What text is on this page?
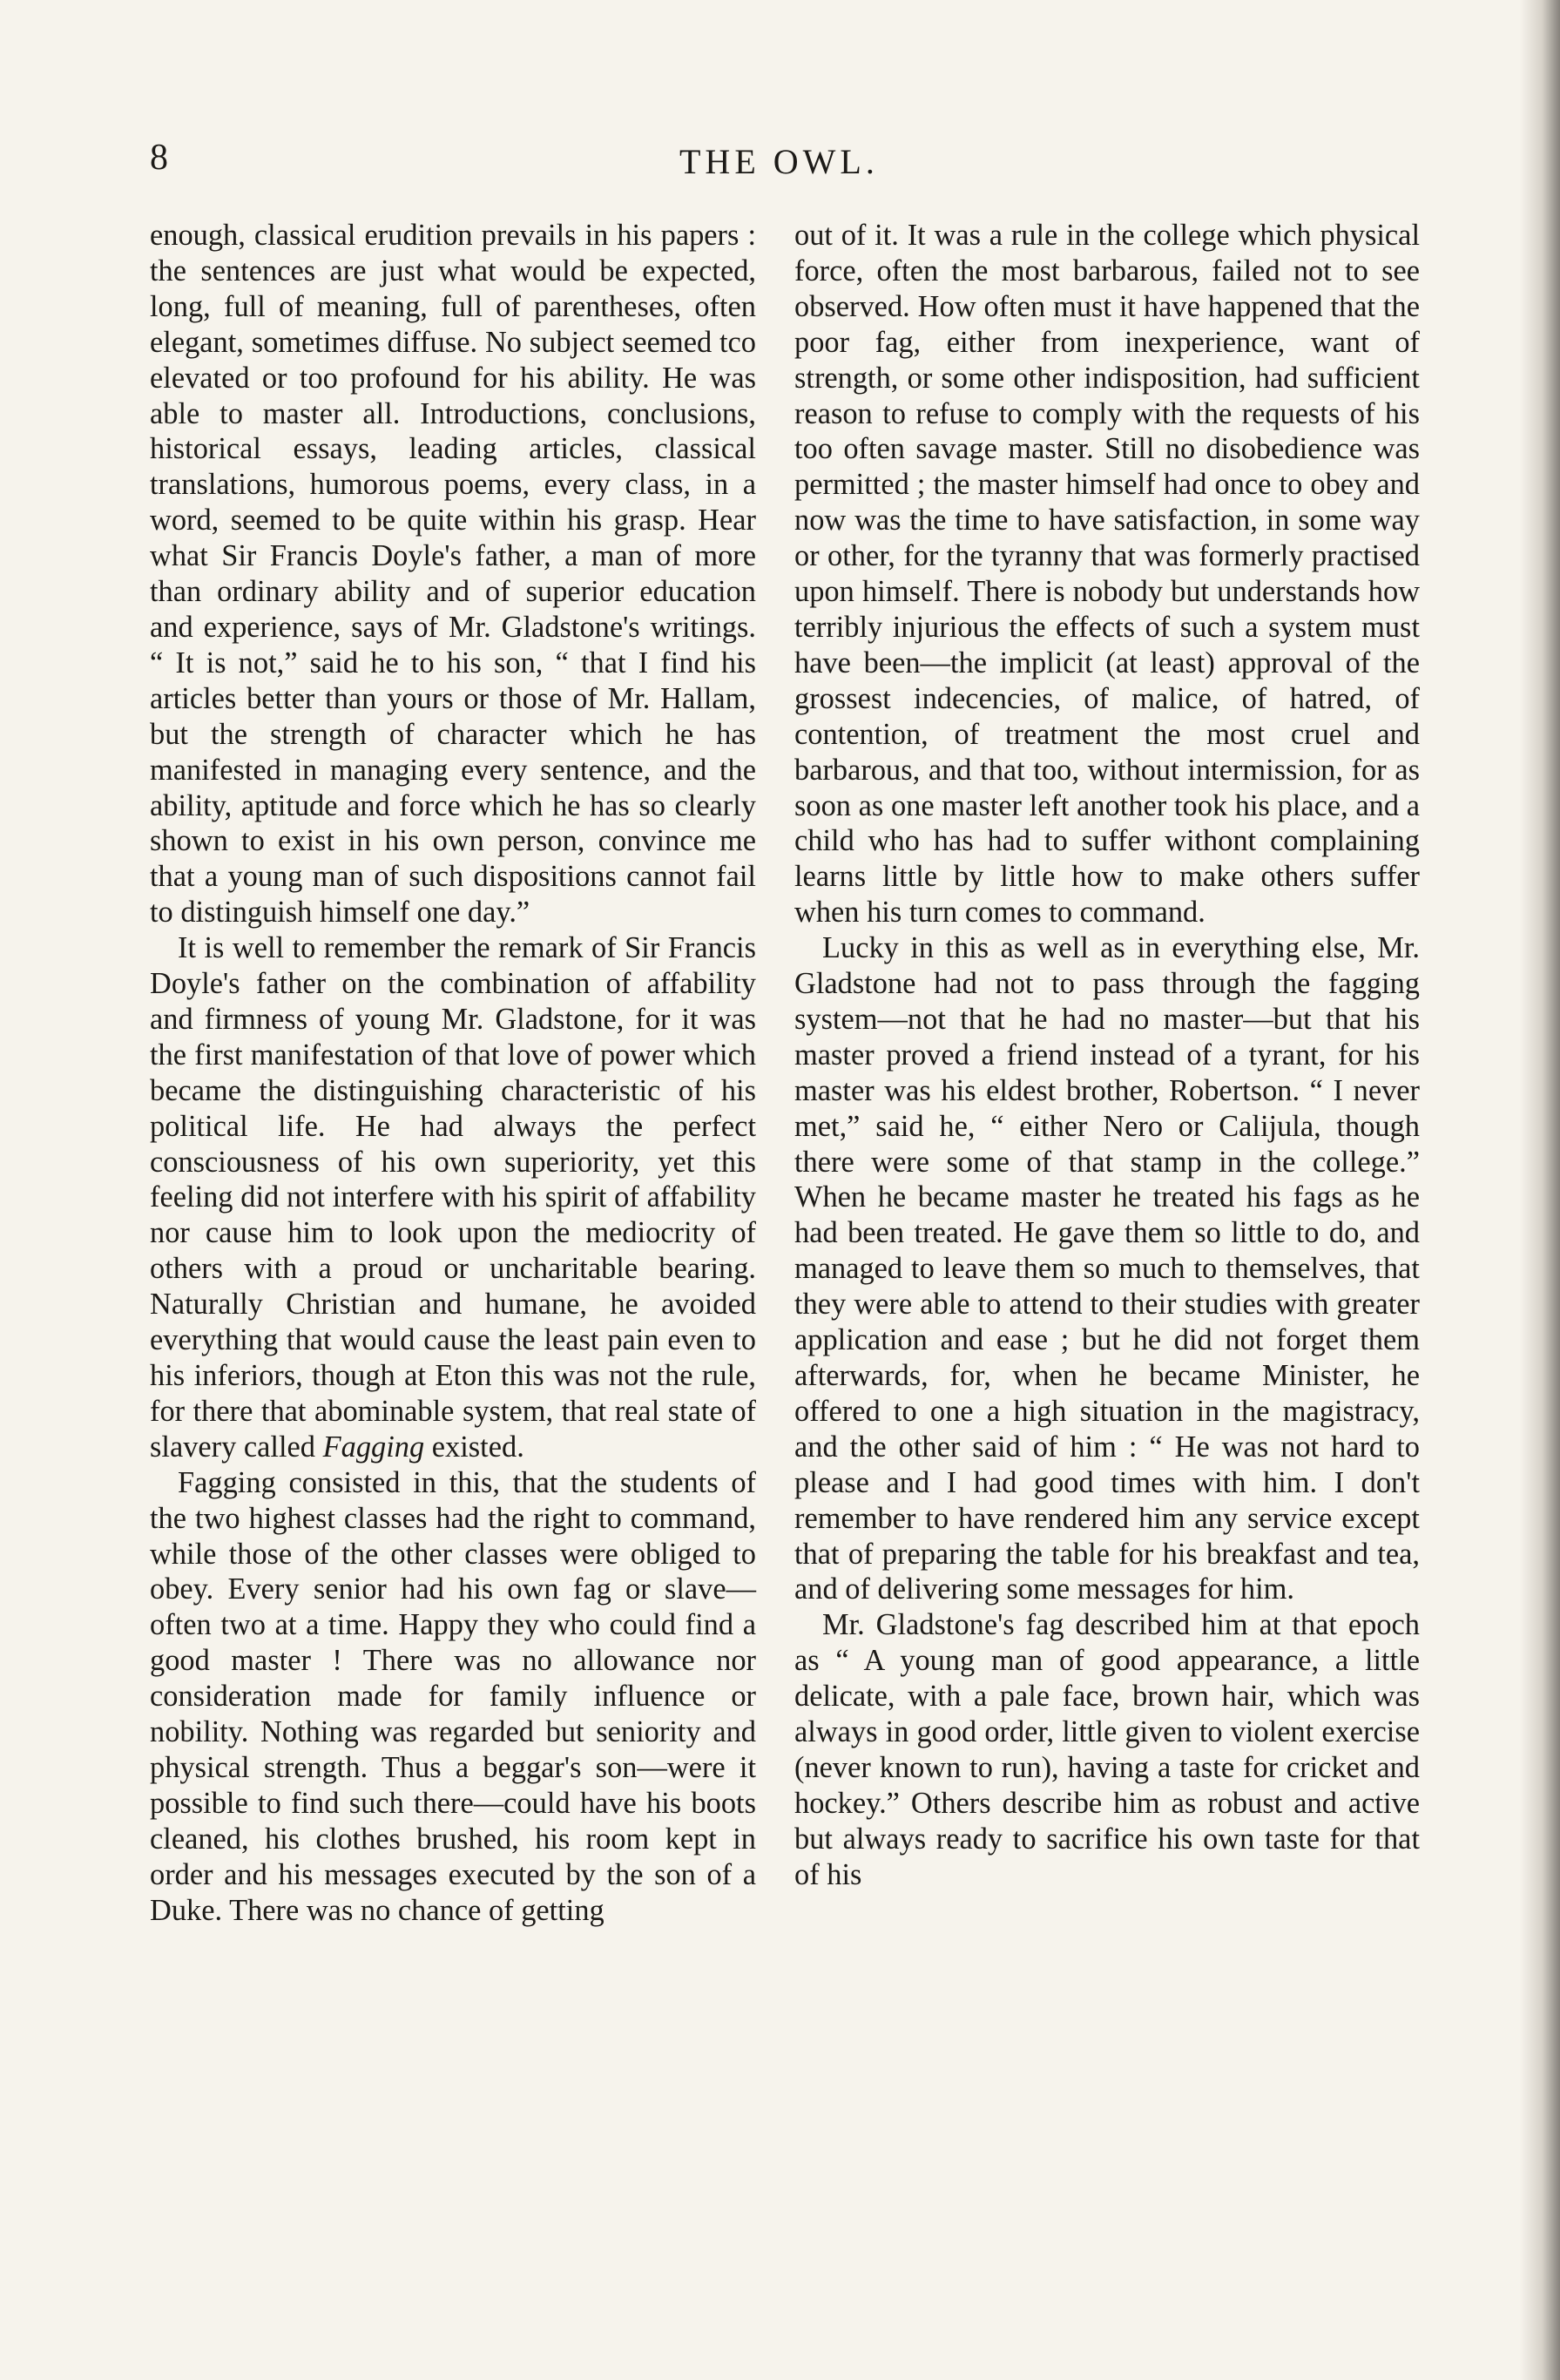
8	THE OWL.

enough, classical erudition prevails in his papers : the sentences are just what would be expected, long, full of meaning, full of parentheses, often elegant, sometimes diffuse. No subject seemed tco elevated or too profound for his ability. He was able to master all. Introductions, conclusions, historical essays, leading articles, classical translations, humorous poems, every class, in a word, seemed to be quite within his grasp. Hear what Sir Francis Doyle's father, a man of more than ordinary ability and of superior education and experience, says of Mr. Gladstone's writings. “ It is not,” said he to his son, “ that I find his articles better than yours or those of Mr. Hallam, but the strength of character which he has manifested in managing every sentence, and the ability, aptitude and force which he has so clearly shown to exist in his own person, convince me that a young man of such dispositions cannot fail to distinguish himself one day.”

It is well to remember the remark of Sir Francis Doyle's father on the combination of affability and firmness of young Mr. Gladstone, for it was the first manifestation of that love of power which became the distinguishing characteristic of his political life. He had always the perfect consciousness of his own superiority, yet this feeling did not interfere with his spirit of affability nor cause him to look upon the mediocrity of others with a proud or uncharitable bearing. Naturally Christian and humane, he avoided everything that would cause the least pain even to his inferiors, though at Eton this was not the rule, for there that abominable system, that real state of slavery called Fagging existed.

Fagging consisted in this, that the students of the two highest classes had the right to command, while those of the other classes were obliged to obey. Every senior had his own fag or slave—often two at a time. Happy they who could find a good master ! There was no allowance nor consideration made for family influence or nobility. Nothing was regarded but seniority and physical strength. Thus a beggar's son—were it possible to find such there—could have his boots cleaned, his clothes brushed, his room kept in order and his messages executed by the son of a Duke. There was no chance of getting

out of it. It was a rule in the college which physical force, often the most barbarous, failed not to see observed. How often must it have happened that the poor fag, either from inexperience, want of strength, or some other indisposition, had sufficient reason to refuse to comply with the requests of his too often savage master. Still no disobedience was permitted ; the master himself had once to obey and now was the time to have satisfaction, in some way or other, for the tyranny that was formerly practised upon himself. There is nobody but understands how terribly injurious the effects of such a system must have been—the implicit (at least) approval of the grossest indecencies, of malice, of hatred, of contention, of treatment the most cruel and barbarous, and that too, without intermission, for as soon as one master left another took his place, and a child who has had to suffer withont complaining learns little by little how to make others suffer when his turn comes to command.

Lucky in this as well as in everything else, Mr. Gladstone had not to pass through the fagging system—not that he had no master—but that his master proved a friend instead of a tyrant, for his master was his eldest brother, Robertson. “ I never met,” said he, “ either Nero or Calijula, though there were some of that stamp in the college.” When he became master he treated his fags as he had been treated. He gave them so little to do, and managed to leave them so much to themselves, that they were able to attend to their studies with greater application and ease ; but he did not forget them afterwards, for, when he became Minister, he offered to one a high situation in the magistracy, and the other said of him : “ He was not hard to please and I had good times with him. I don't remember to have rendered him any service except that of preparing the table for his breakfast and tea, and of delivering some messages for him.

Mr. Gladstone's fag described him at that epoch as “ A young man of good appearance, a little delicate, with a pale face, brown hair, which was always in good order, little given to violent exercise (never known to run), having a taste for cricket and hockey.” Others describe him as robust and active but always ready to sacrifice his own taste for that of his
